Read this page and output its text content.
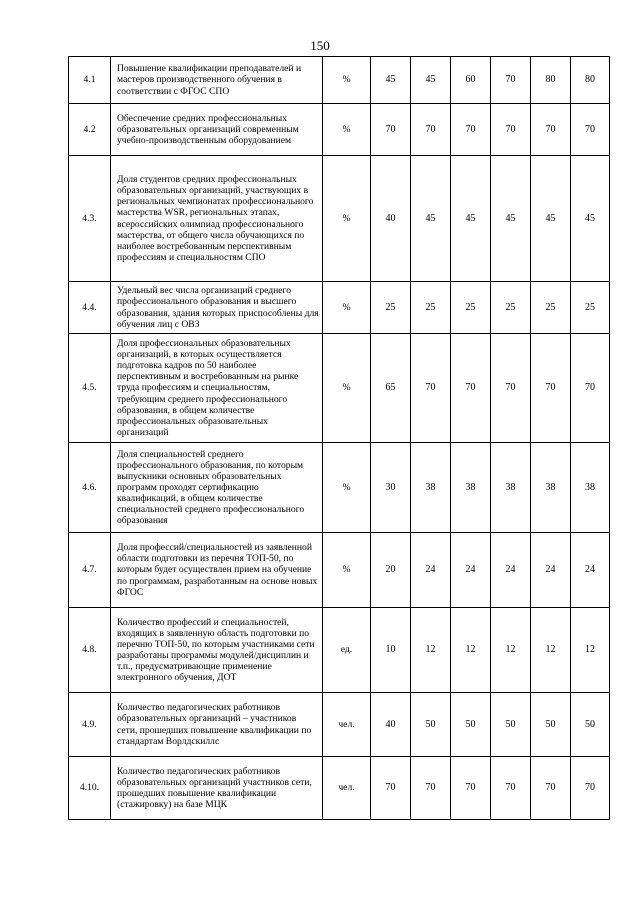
150
4.1	Повышение квалификации преподавателей и мастеров производственного обучения в соответствии с ФГОС СПО	%	45	45	60	70	80	80
4.2	Обеспечение средних профессиональных образовательных организаций современным учебно-производственным оборудованием	%	70	70	70	70	70	70
4.3.	Доля студентов средних профессиональных образовательных организаций, участвующих в региональных чемпионатах профессионального мастерства WSR, региональных этапах, всероссийских олимпиад профессионального мастерства, от общего числа обучающихся по наиболее востребованным перспективным профессиям и специальностям СПО	%	40	45	45	45	45	45
4.4.	Удельный вес числа организаций среднего профессионального образования и высшего образования, здания которых приспособлены для обучения лиц с ОВЗ	%	25	25	25	25	25	25
4.5.	Доля профессиональных образовательных организаций, в которых осуществляется подготовка кадров по 50 наиболее перспективным и востребованным на рынке труда профессиям и специальностям, требующим среднего профессионального образования, в общем количестве профессиональных образовательных организаций	%	65	70	70	70	70	70
4.6.	Доля специальностей среднего профессионального образования, по которым выпускники основных образовательных программ проходят сертификацию квалификаций, в общем количестве специальностей среднего профессионального образования	%	30	38	38	38	38	38
4.7.	Доля профессий/специальностей из заявленной области подготовки из перечня ТОП-50, по которым будет осуществлен прием на обучение по программам, разработанным на основе новых ФГОС	%	20	24	24	24	24	24
4.8.	Количество профессий и специальностей, входящих в заявленную область подготовки по перечню ТОП-50, по которым участниками сети разработаны программы модулей/дисциплин и т.п., предусматривающие применение электронного обучения, ДОТ	ед.	10	12	12	12	12	12
4.9.	Количество педагогических работников образовательных организаций – участников сети, прошедших повышение квалификации по стандартам Ворлдскиллс	чел.	40	50	50	50	50	50
4.10.	Количество педагогических работников образовательных организаций участников сети, прошедших повышение квалификации (стажировку) на базе МЦК	чел.	70	70	70	70	70	70
